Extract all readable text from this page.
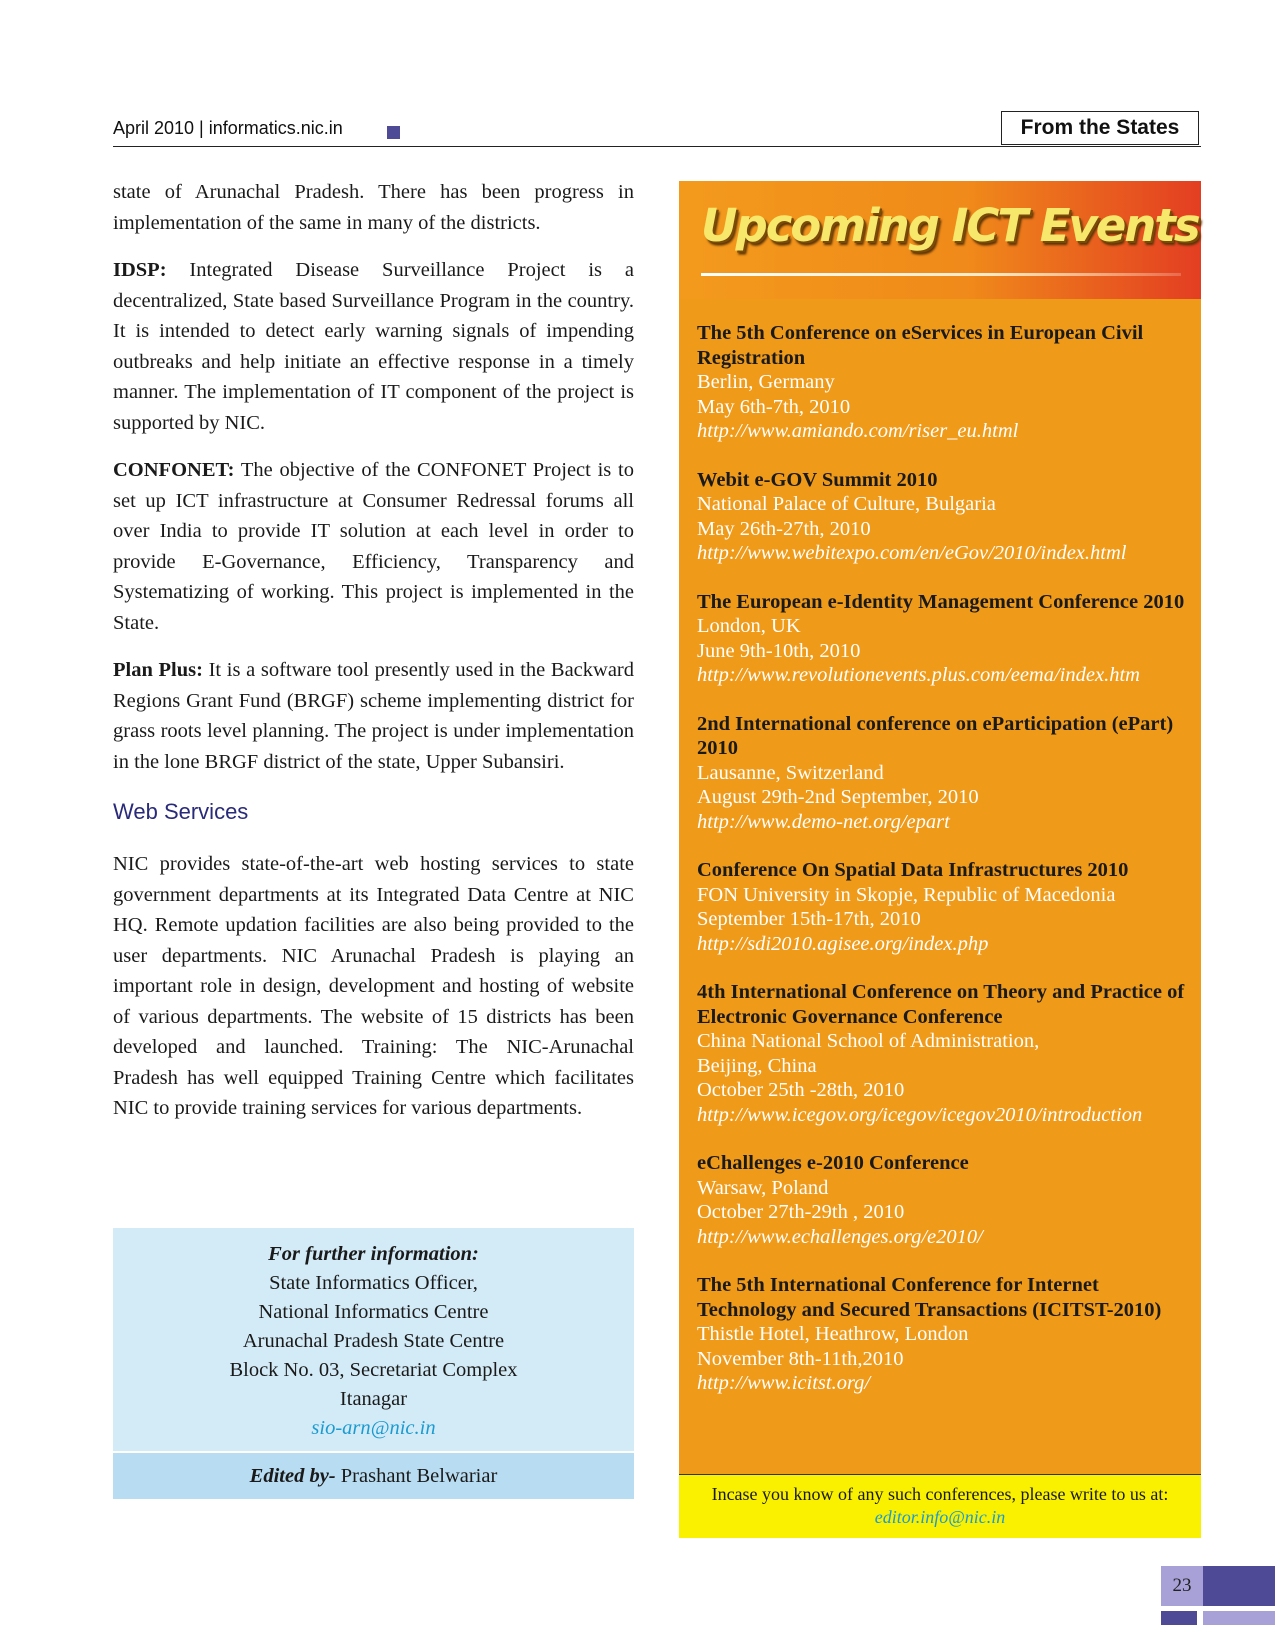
April 2010 | informatics.nic.in	From the States

state of Arunachal Pradesh. There has been progress in implementation of the same in many of the districts.

IDSP: Integrated Disease Surveillance Project is a decentralized, State based Surveillance Program in the country. It is intended to detect early warning signals of impending outbreaks and help initiate an effective response in a timely manner. The implementation of IT component of the project is supported by NIC.

CONFONET: The objective of the CONFONET Project is to set up ICT infrastructure at Consumer Redressal forums all over India to provide IT solution at each level in order to provide E-Governance, Efficiency, Transparency and Systematizing of working. This project is implemented in the State.

Plan Plus: It is a software tool presently used in the Backward Regions Grant Fund (BRGF) scheme implementing district for grass roots level planning. The project is under implementation in the lone BRGF district of the state, Upper Subansiri.

Web Services

NIC provides state-of-the-art web hosting services to state government departments at its Integrated Data Centre at NIC HQ. Remote updation facilities are also being provided to the user departments. NIC Arunachal Pradesh is playing an important role in design, development and hosting of website of various departments. The website of 15 districts has been developed and launched. Training: The NIC-Arunachal Pradesh has well equipped Training Centre which facilitates NIC to provide training services for various departments.

For further information:
State Informatics Officer,
National Informatics Centre
Arunachal Pradesh State Centre
Block No. 03, Secretariat Complex
Itanagar
sio-arn@nic.in
Edited by- Prashant Belwariar
Upcoming ICT Events
The 5th Conference on eServices in European Civil Registration
Berlin, Germany
May 6th-7th, 2010
http://www.amiando.com/riser_eu.html
Webit e-GOV Summit 2010
National Palace of Culture, Bulgaria
May 26th-27th, 2010
http://www.webitexpo.com/en/eGov/2010/index.html
The European e-Identity Management Conference 2010
London, UK
June 9th-10th, 2010
http://www.revolutionevents.plus.com/eema/index.htm
2nd International conference on eParticipation (ePart) 2010
Lausanne, Switzerland
August 29th-2nd September, 2010
http://www.demo-net.org/epart
Conference On Spatial Data Infrastructures 2010
FON University in Skopje, Republic of Macedonia
September 15th-17th, 2010
http://sdi2010.agisee.org/index.php
4th International Conference on Theory and Practice of Electronic Governance Conference
China National School of Administration,
Beijing, China
October 25th -28th, 2010
http://www.icegov.org/icegov/icegov2010/introduction
eChallenges e-2010 Conference
Warsaw, Poland
October 27th-29th , 2010
http://www.echallenges.org/e2010/
The 5th International Conference for Internet Technology and Secured Transactions (ICITST-2010)
Thistle Hotel, Heathrow, London
November 8th-11th,2010
http://www.icitst.org/
Incase you know of any such conferences, please write to us at:
editor.info@nic.in
23
